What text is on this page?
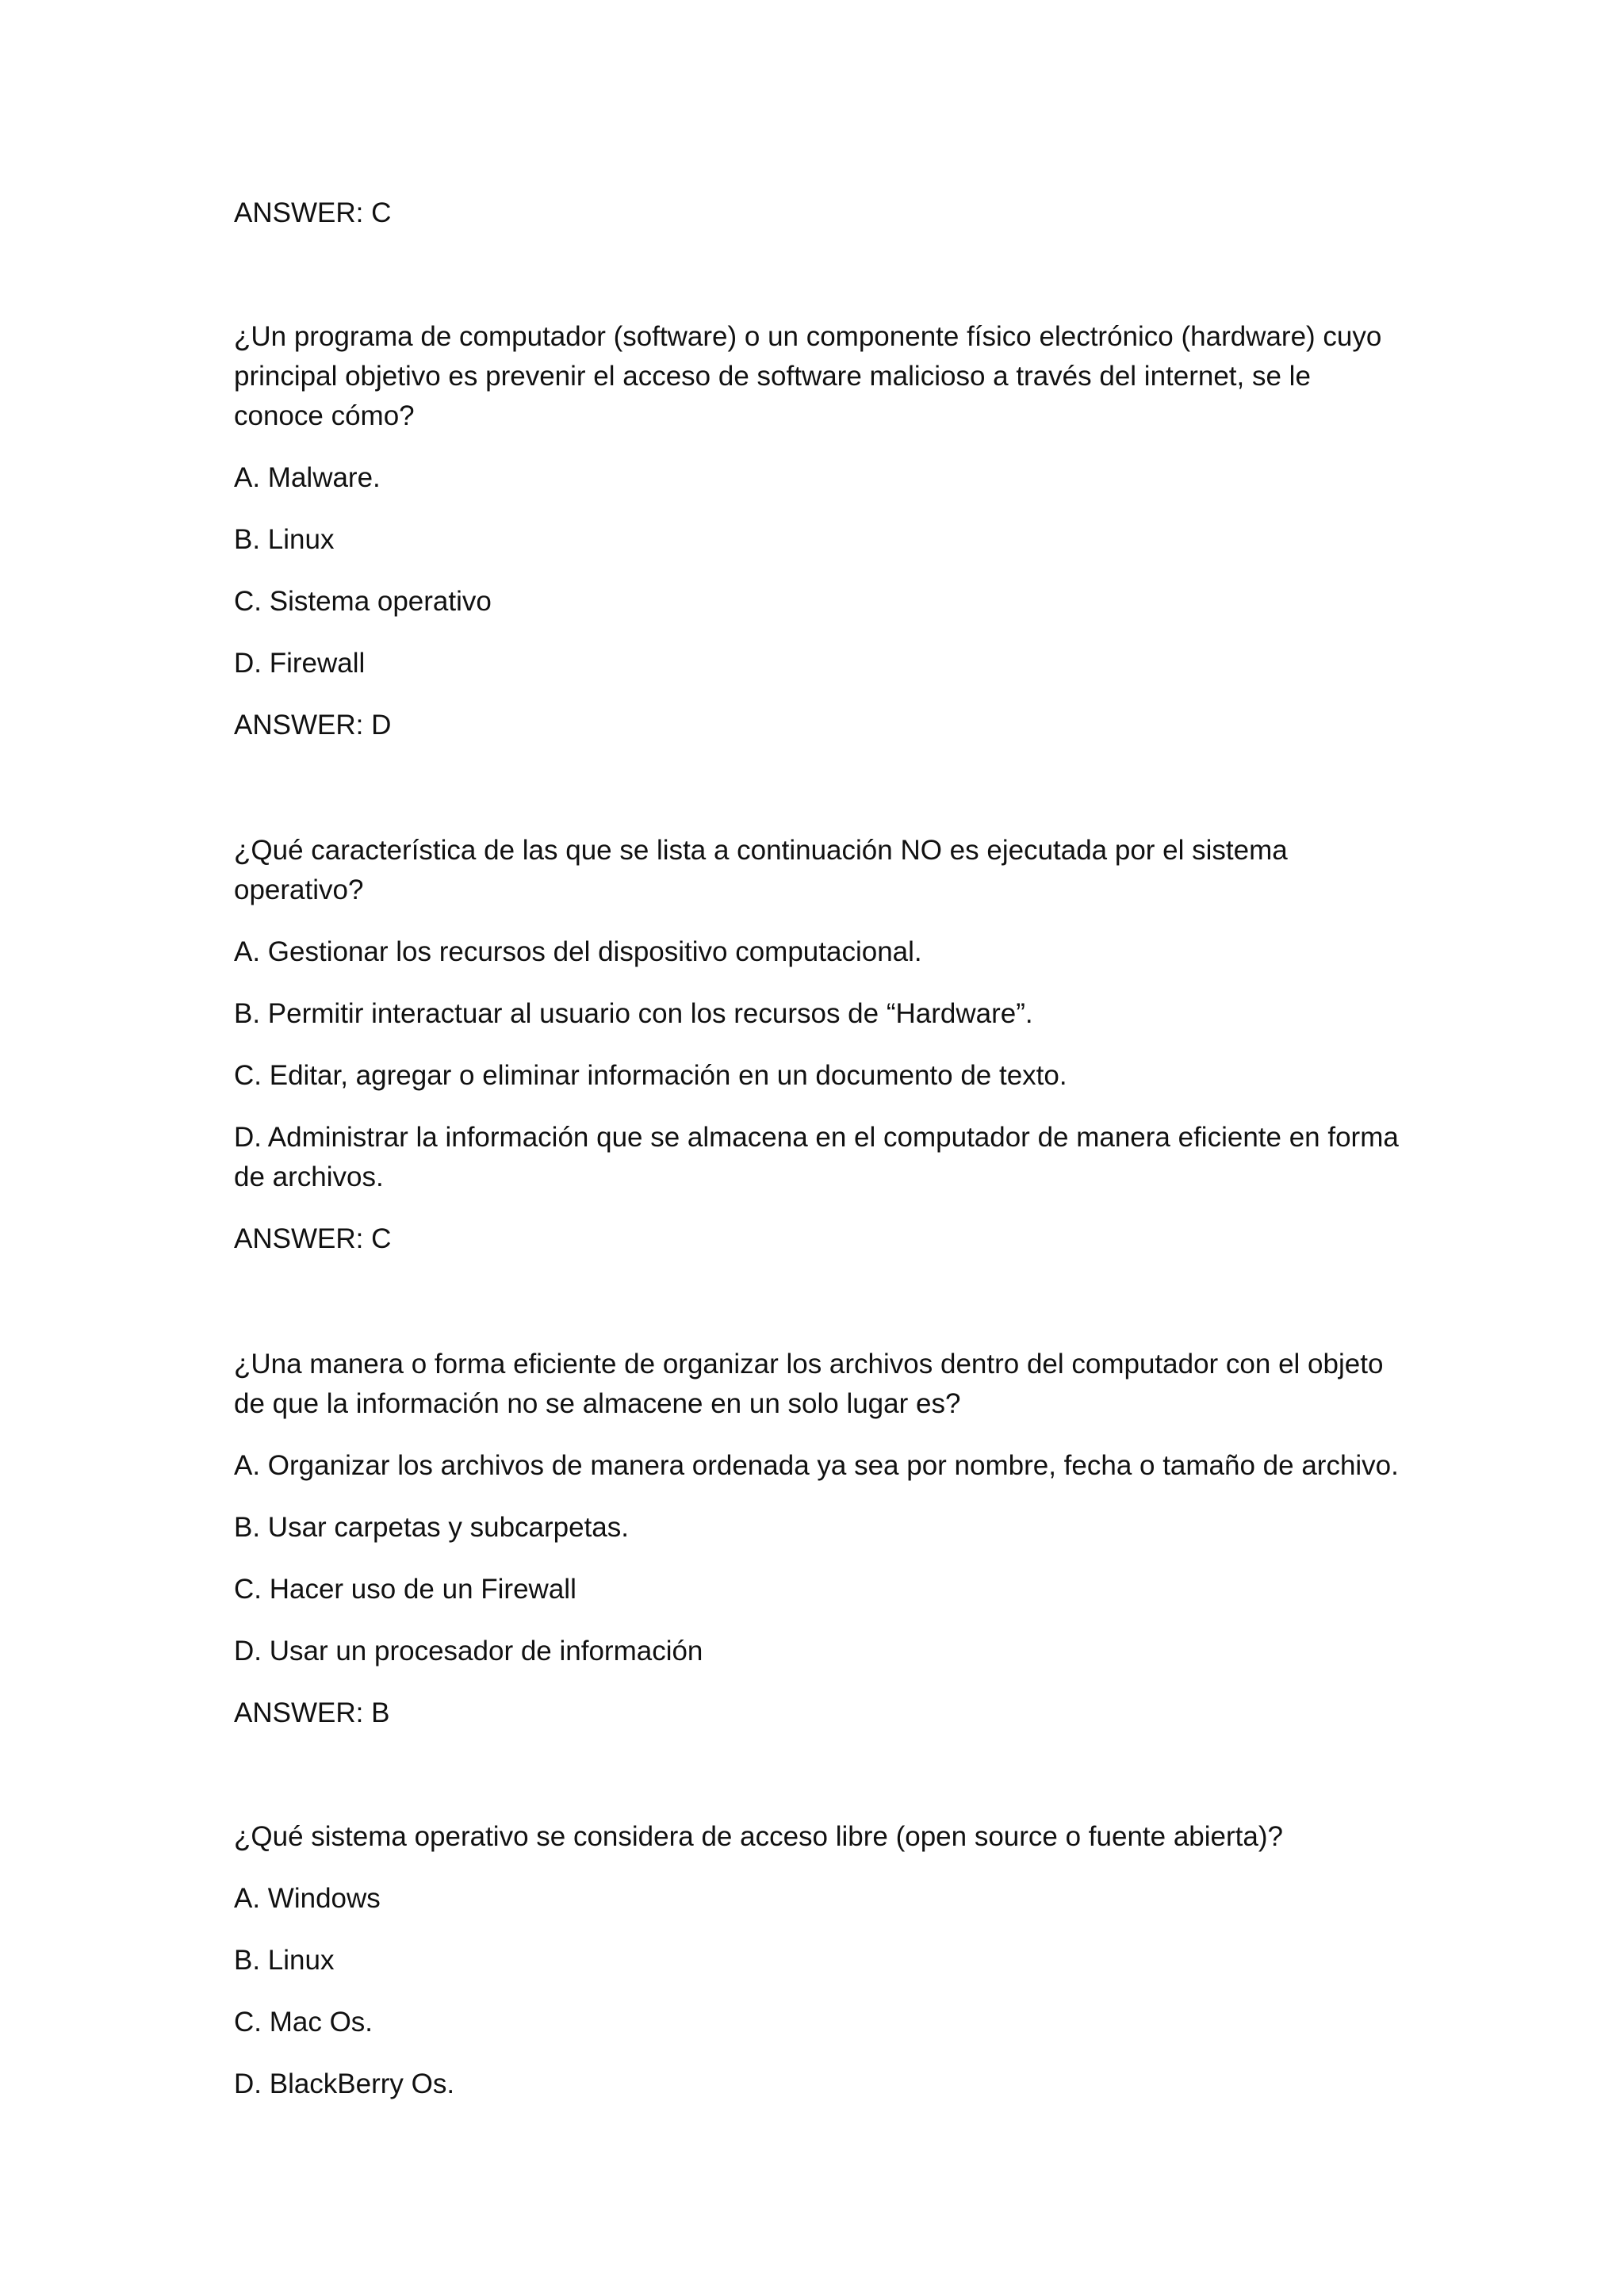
ANSWER: C
¿Un programa de computador (software) o un componente físico electrónico (hardware) cuyo principal objetivo es prevenir el acceso de software malicioso a través del internet, se le conoce cómo?
A. Malware.
B. Linux
C. Sistema operativo
D. Firewall
ANSWER: D
¿Qué característica de las que se lista a continuación NO es ejecutada por el sistema operativo?
A. Gestionar los recursos del dispositivo computacional.
B. Permitir interactuar al usuario con los recursos de “Hardware”.
C. Editar, agregar o eliminar información en un documento de texto.
D. Administrar la información que se almacena en el computador de manera eficiente en forma de archivos.
ANSWER: C
¿Una manera o forma eficiente de organizar los archivos dentro del computador con el objeto de que la información no se almacene en un solo lugar es?
A. Organizar los archivos de manera ordenada ya sea por nombre, fecha o tamaño de archivo.
B. Usar carpetas y subcarpetas.
C. Hacer uso de un Firewall
D. Usar un procesador de información
ANSWER: B
¿Qué sistema operativo se considera de acceso libre (open source o fuente abierta)?
A. Windows
B. Linux
C. Mac Os.
D. BlackBerry Os.
